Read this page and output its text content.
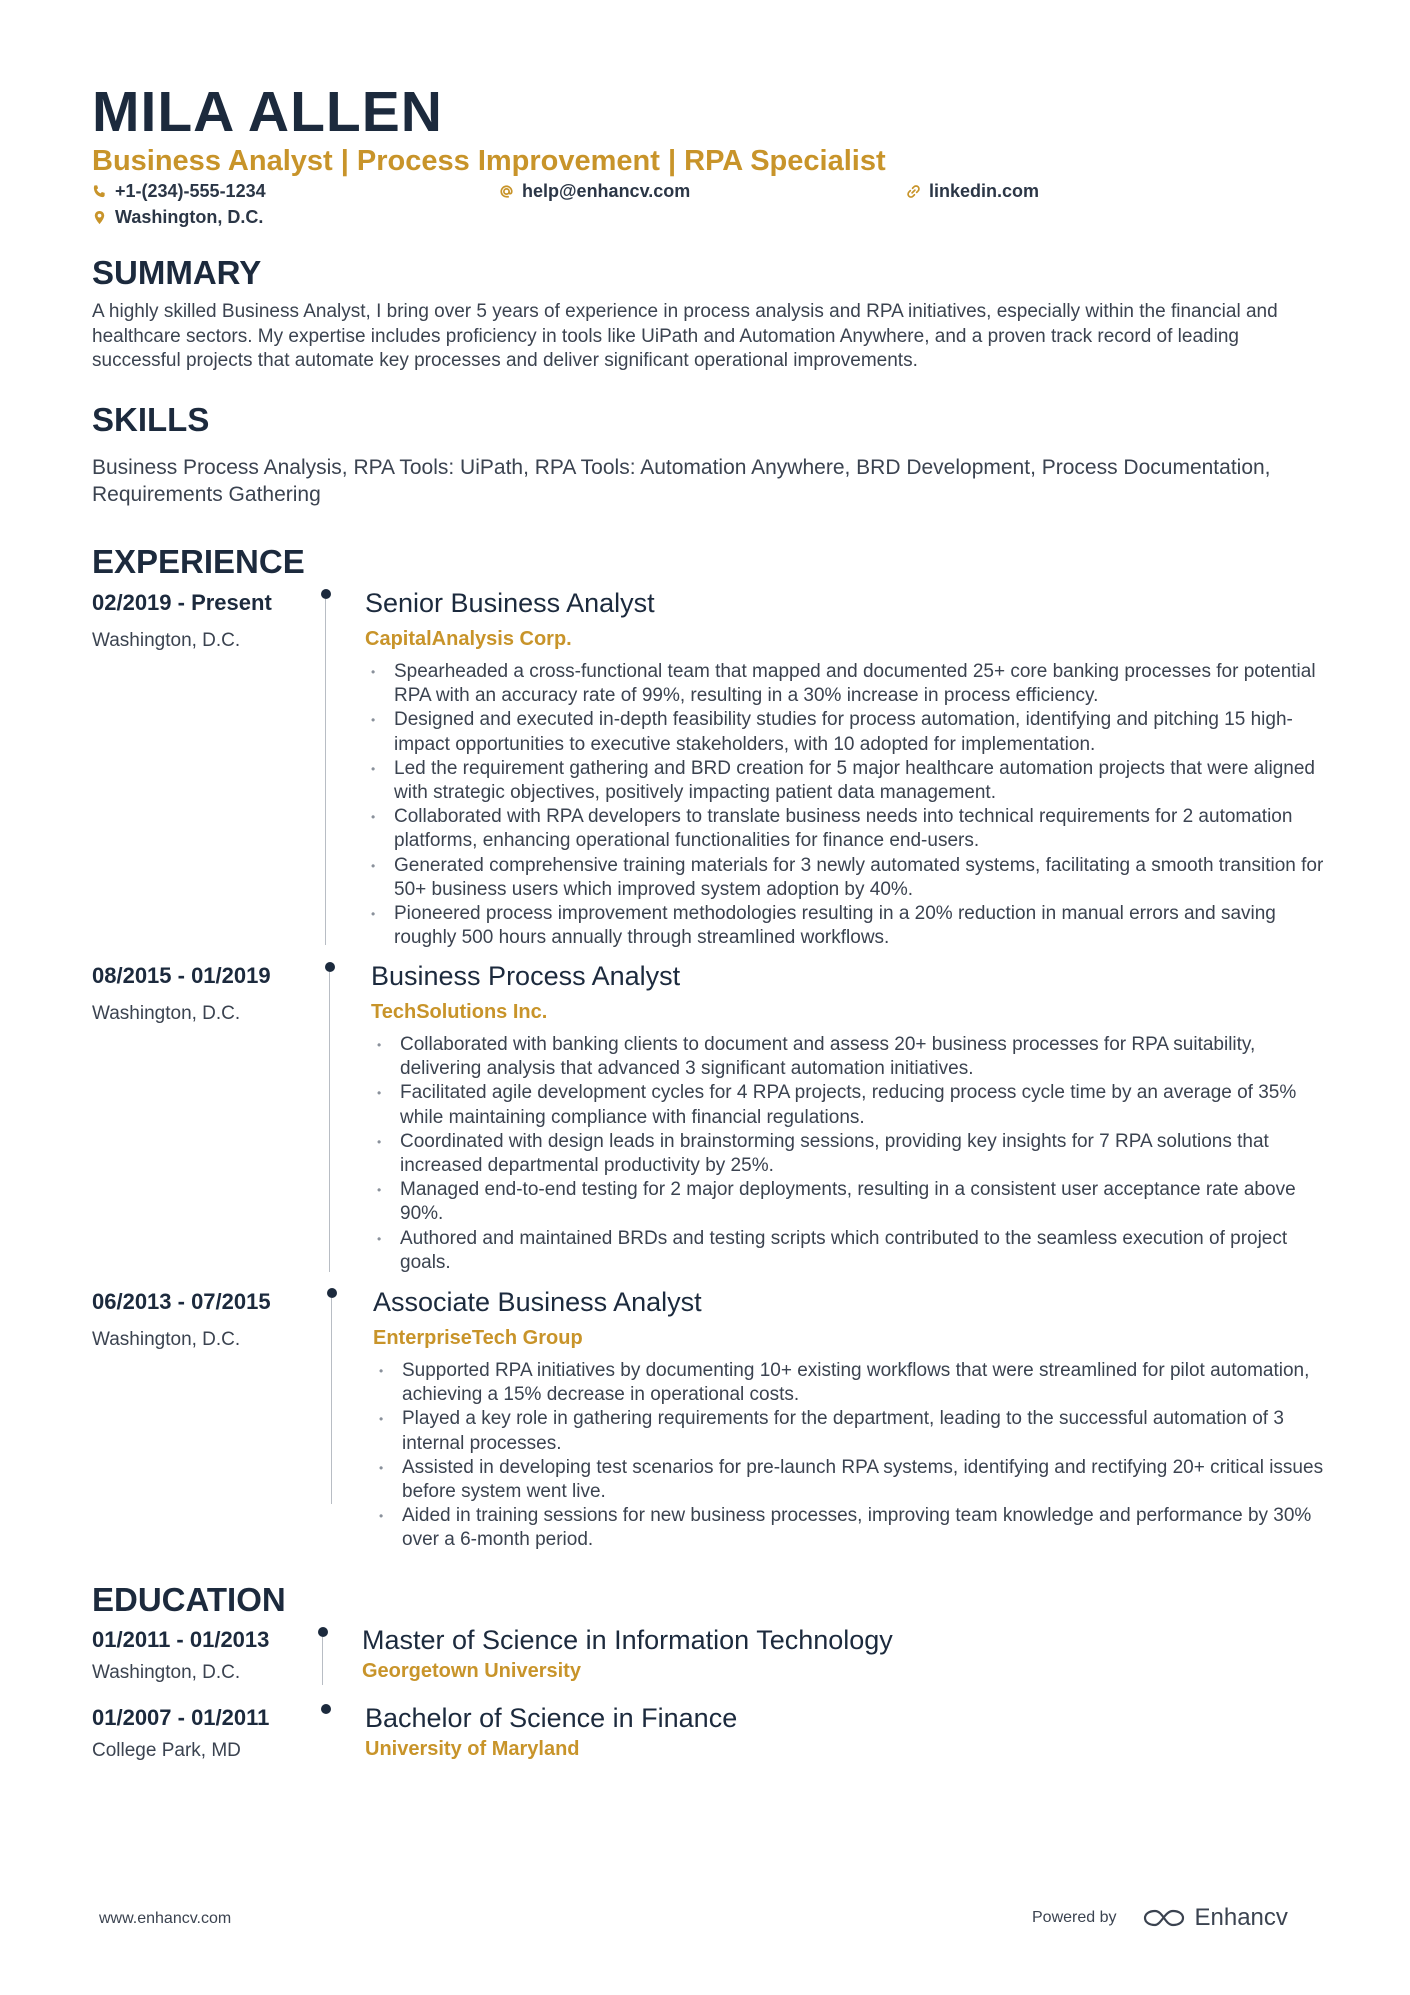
MILA ALLEN
Business Analyst | Process Improvement | RPA Specialist
+1-(234)-555-1234	help@enhancv.com	linkedin.com
Washington, D.C.
SUMMARY

A highly skilled Business Analyst, I bring over 5 years of experience in process analysis and RPA initiatives, especially within the financial and healthcare sectors. My expertise includes proficiency in tools like UiPath and Automation Anywhere, and a proven track record of leading successful projects that automate key processes and deliver significant operational improvements.

SKILLS

Business Process Analysis, RPA Tools: UiPath, RPA Tools: Automation Anywhere, BRD Development, Process Documentation, Requirements Gathering

EXPERIENCE
02/2019 - Present
Washington, D.C.
Senior Business Analyst
CapitalAnalysis Corp.
• Spearheaded a cross-functional team that mapped and documented 25+ core banking processes for potential RPA with an accuracy rate of 99%, resulting in a 30% increase in process efficiency.
• Designed and executed in-depth feasibility studies for process automation, identifying and pitching 15 high-impact opportunities to executive stakeholders, with 10 adopted for implementation.
• Led the requirement gathering and BRD creation for 5 major healthcare automation projects that were aligned with strategic objectives, positively impacting patient data management.
• Collaborated with RPA developers to translate business needs into technical requirements for 2 automation platforms, enhancing operational functionalities for finance end-users.
• Generated comprehensive training materials for 3 newly automated systems, facilitating a smooth transition for 50+ business users which improved system adoption by 40%.
• Pioneered process improvement methodologies resulting in a 20% reduction in manual errors and saving roughly 500 hours annually through streamlined workflows.
08/2015 - 01/2019
Washington, D.C.
Business Process Analyst
TechSolutions Inc.
• Collaborated with banking clients to document and assess 20+ business processes for RPA suitability, delivering analysis that advanced 3 significant automation initiatives.
• Facilitated agile development cycles for 4 RPA projects, reducing process cycle time by an average of 35% while maintaining compliance with financial regulations.
• Coordinated with design leads in brainstorming sessions, providing key insights for 7 RPA solutions that increased departmental productivity by 25%.
• Managed end-to-end testing for 2 major deployments, resulting in a consistent user acceptance rate above 90%.
• Authored and maintained BRDs and testing scripts which contributed to the seamless execution of project goals.
06/2013 - 07/2015
Washington, D.C.
Associate Business Analyst
EnterpriseTech Group
• Supported RPA initiatives by documenting 10+ existing workflows that were streamlined for pilot automation, achieving a 15% decrease in operational costs.
• Played a key role in gathering requirements for the department, leading to the successful automation of 3 internal processes.
• Assisted in developing test scenarios for pre-launch RPA systems, identifying and rectifying 20+ critical issues before system went live.
• Aided in training sessions for new business processes, improving team knowledge and performance by 30% over a 6-month period.
EDUCATION
01/2011 - 01/2013
Washington, D.C.
Master of Science in Information Technology
Georgetown University
01/2007 - 01/2011
College Park, MD
Bachelor of Science in Finance
University of Maryland
www.enhancv.com	Powered by	Enhancv
